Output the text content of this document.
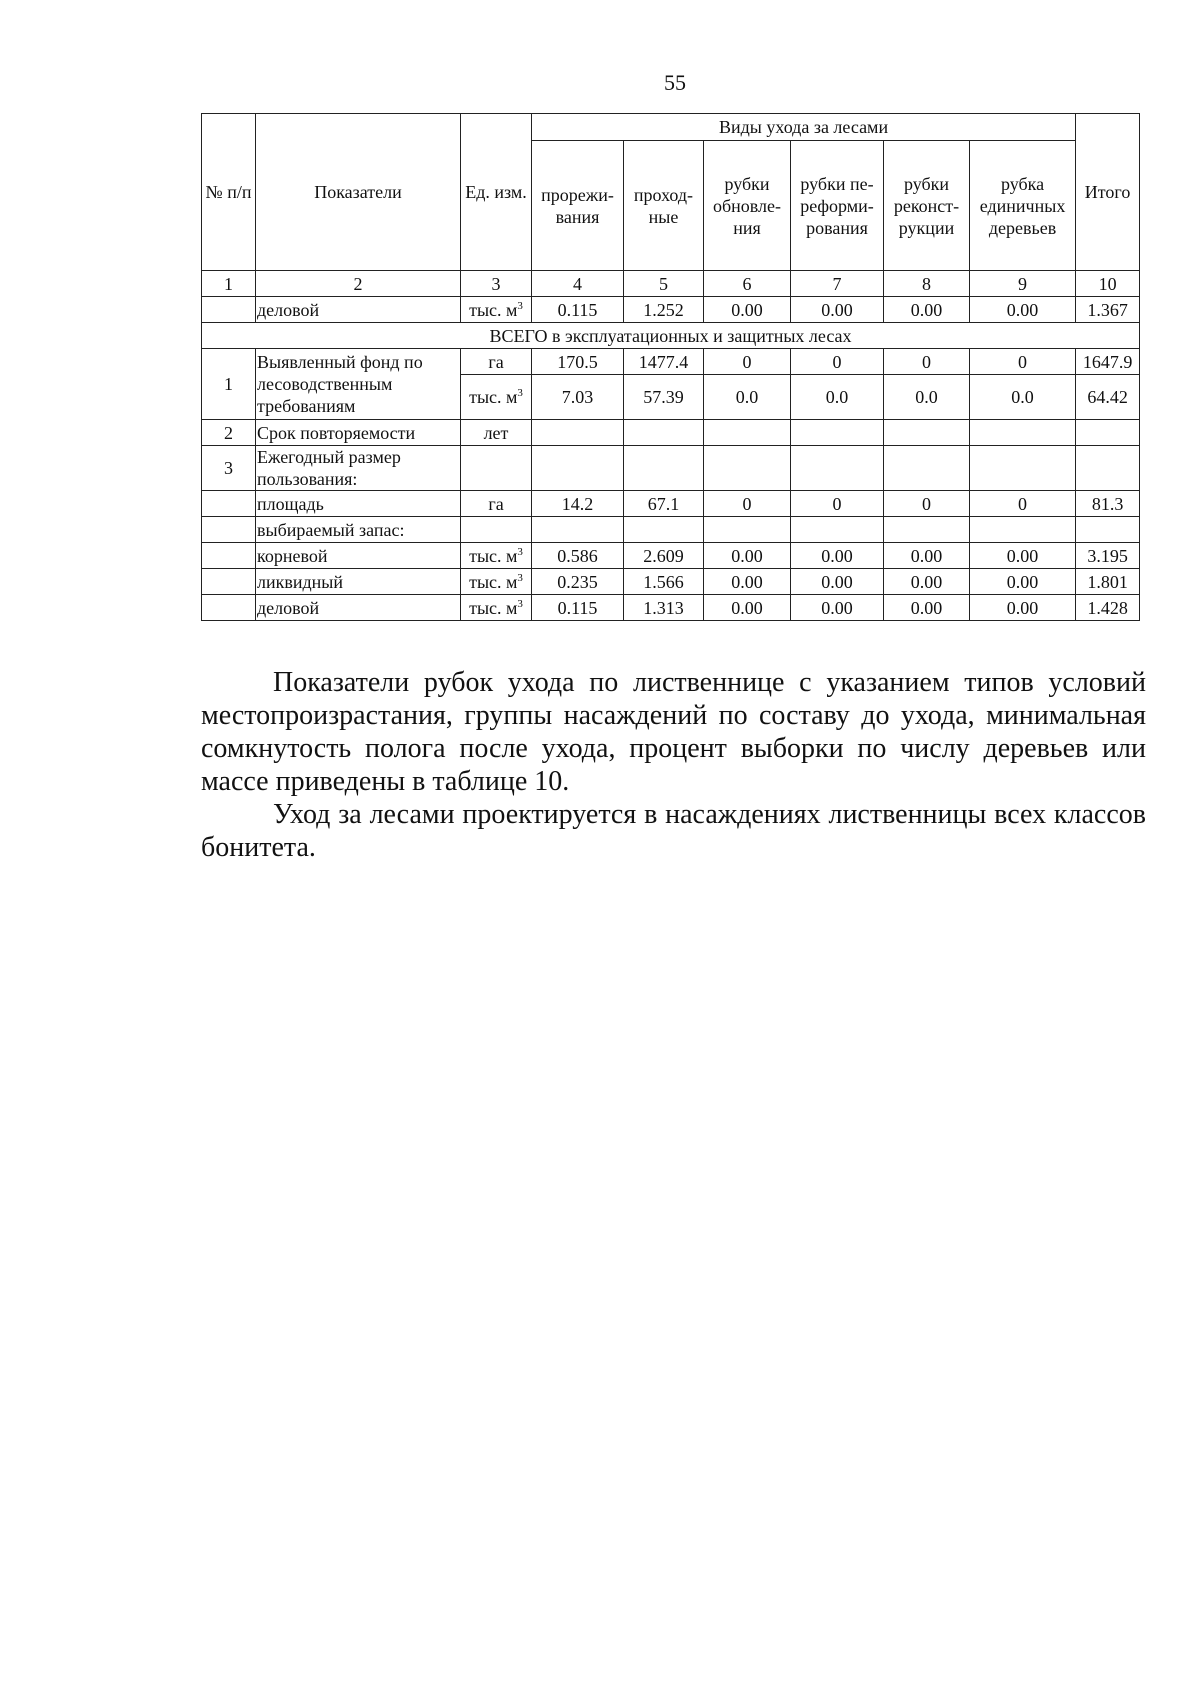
55
№ п/п	Показатели	Ед. изм.	Виды ухода за лесами						Итого
			прорежи-вания	проход-ные	рубки обновле-ния	рубки пе-реформи-рования	рубки реконст-рукции	рубка единичных деревьев	
1	2	3	4	5	6	7	8	9	10
	деловой	тыс. $м^3$	0.115	1.252	0.00	0.00	0.00	0.00	1.367
ВСЕГО в эксплуатационных и защитных лесах									
1	Выявленный фонд по лесоводственным требованиям	га	170.5	1477.4	0	0	0	0	1647.9
		тыс. $м^3$	7.03	57.39	0.0	0.0	0.0	0.0	64.42
2	Срок повторяемости	лет							
3	Ежегодный размер пользования:								
	площадь	га	14.2	67.1	0	0	0	0	81.3
	выбираемый запас:								
	корневой	тыс. $м^3$	0.586	2.609	0.00	0.00	0.00	0.00	3.195
	ликвидный	тыс. $м^3$	0.235	1.566	0.00	0.00	0.00	0.00	1.801
	деловой	тыс. $м^3$	0.115	1.313	0.00	0.00	0.00	0.00	1.428

Показатели рубок ухода по лиственнице с указанием типов условий местопроизрастания, группы насаждений по составу до ухода, минимальная сомкнутость полога после ухода, процент выборки по числу деревьев или массе приведены в таблице 10.

Уход за лесами проектируется в насаждениях лиственницы всех классов бонитета.
